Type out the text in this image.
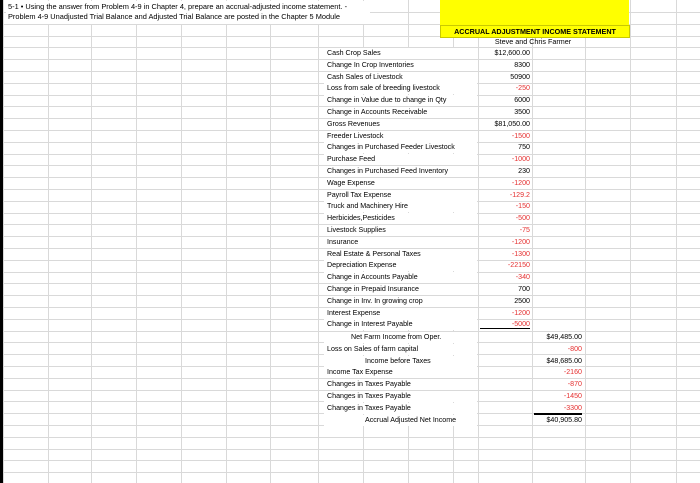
5-1 • Using the answer from Problem 4-9 in Chapter 4, prepare an accrual-adjusted income statement. - Problem 4-9 Unadjusted Trial Balance and Adjusted Trial Balance are posted in the Chapter 5 Module
ACCRUAL ADJUSTMENT INCOME STATEMENT
Steve and Chris Farmer
Cash Crop Sales	$12,600.00
Change In Crop Inventories	8300
Cash Sales of Livestock	50900
Loss from sale of breeding livestock	-250
Change in Value due to change in Qty	6000
Change in Accounts Receivable	3500
Gross Revenues	$81,050.00
Freeder Livestock	-1500
Changes in Purchased Feeder Livestock	750
Purchase Feed	-1000
Changes in Purchased Feed Inventory	230
Wage Expense	-1200
Payroll Tax Expense	-129.2
Truck and Machinery Hire	-150
Herbicides,Pesticides	-500
Livestock Supplies	-75
Insurance	-1200
Real Estate & Personal Taxes	-1300
Depreciation Expense	-22150
Change in Accounts Payable	-340
Change in Prepaid Insurance	700
Change in Inv. In growing crop	2500
Interest Expense	-1200
Change in Interest Payable	-5000
Net Farm Income from Oper.	$49,485.00
Loss on Sales of farm capital	-800
Income before Taxes	$48,685.00
Income Tax Expense	-2160
Changes in Taxes Payable	-870
Changes in Taxes Payable	-1450
Changes in Taxes Payable	-3300
Accrual Adjusted Net Income	$40,905.80
